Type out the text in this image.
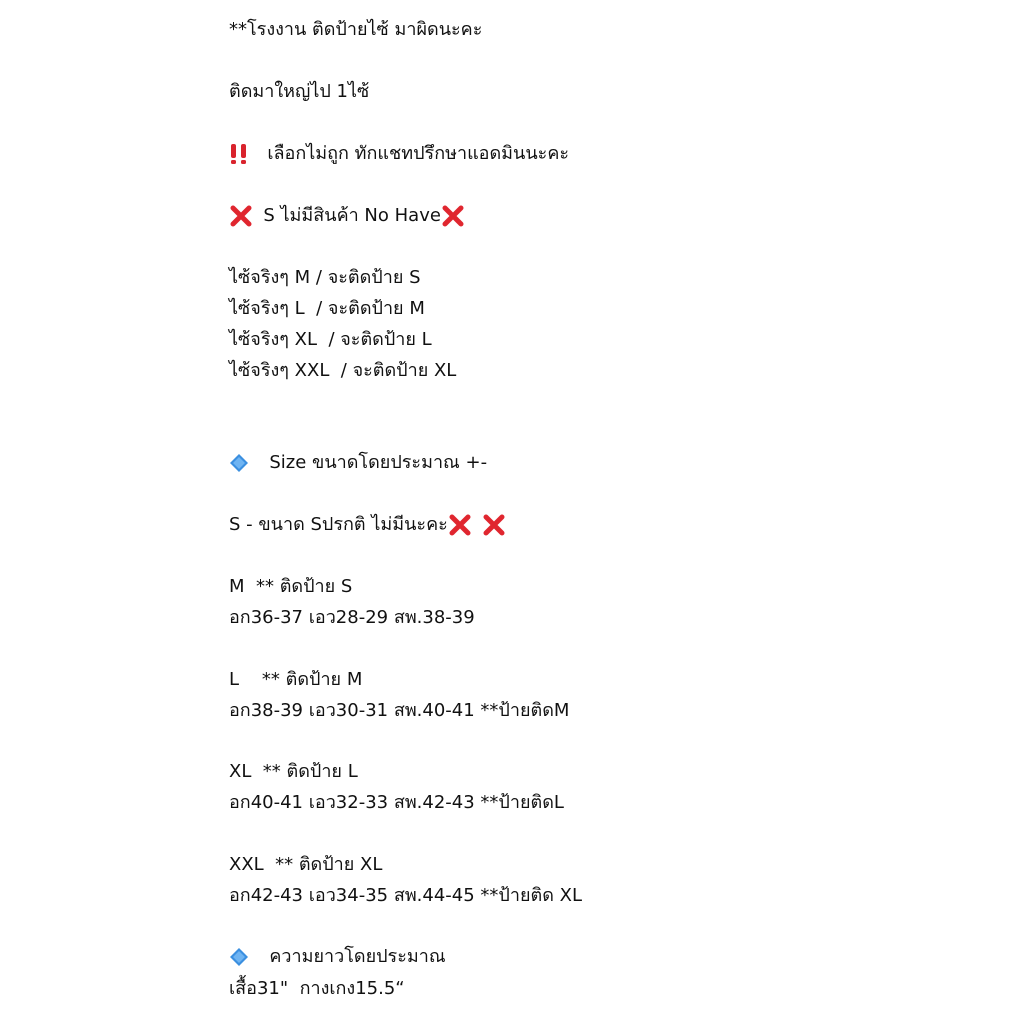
**โรงงาน ติดป้ายไซ้ มาผิดนะคะ
ติดมาใหญ่ไป 1ไซ้

เลือกไม่ถูก ทักแชทปรึกษาแอดมินนะคะ

S ไม่มีสินค้า No Have

ไซ้จริงๆ M / จะติดป้าย S
ไซ้จริงๆ L  / จะติดป้าย M
ไซ้จริงๆ XL  / จะติดป้าย L
ไซ้จริงๆ XXL  / จะติดป้าย XL

Size ขนาดโดยประมาณ +-
S - ขนาด Sปรกติ ไม่มีนะคะ

M  ** ติดป้าย S
อก36-37 เอว28-29 สพ.38-39
L    ** ติดป้าย M
อก38-39 เอว30-31 สพ.40-41 **ป้ายติดM
XL  ** ติดป้าย L
อก40-41 เอว32-33 สพ.42-43 **ป้ายติดL
XXL  ** ติดป้าย XL
อก42-43 เอว34-35 สพ.44-45 **ป้ายติด XL

ความยาวโดยประมาณ
เสื้อ31"  กางเกง15.5“
